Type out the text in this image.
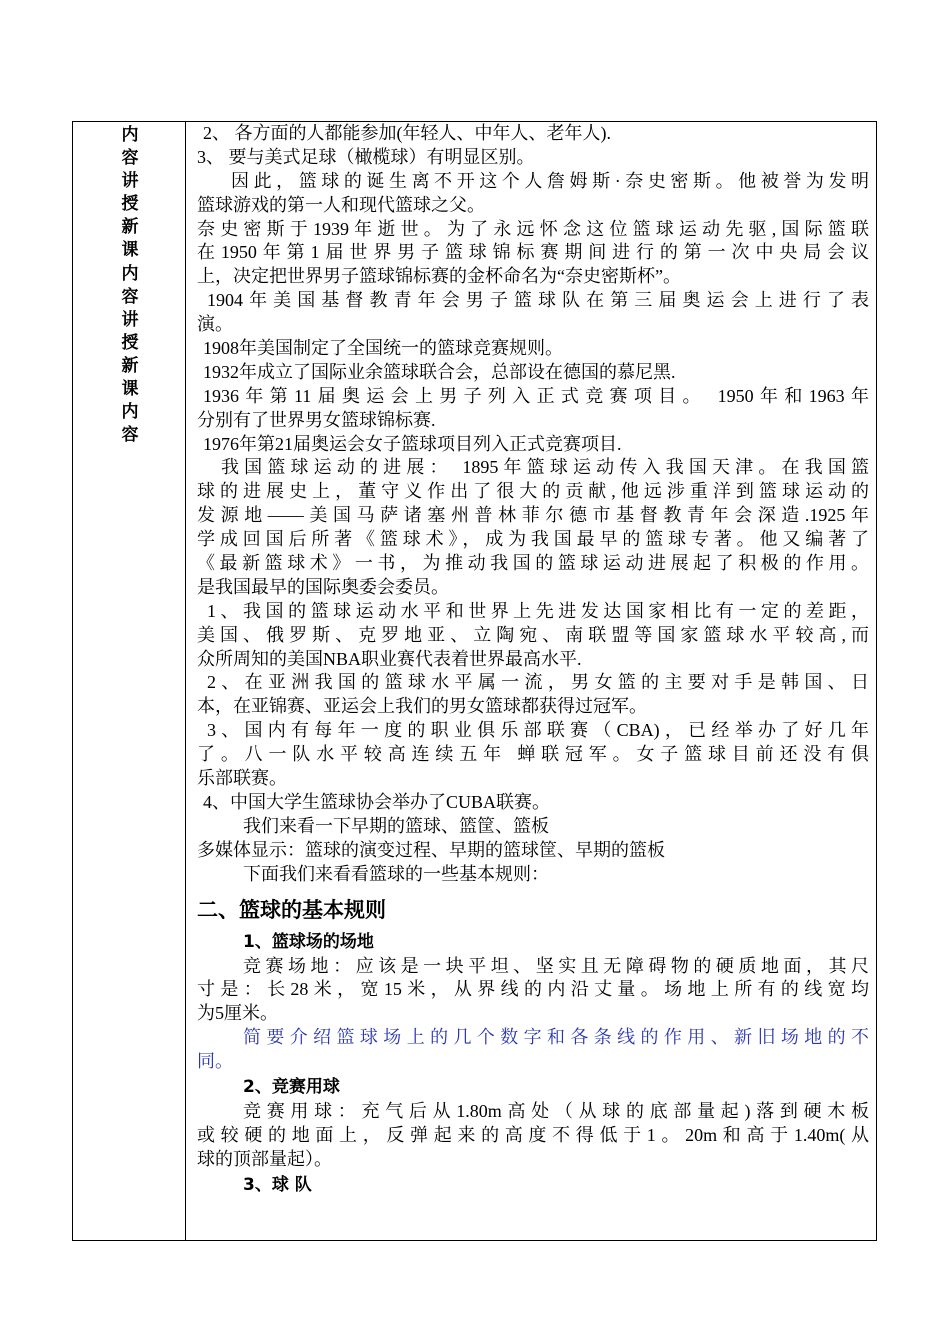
内
容
讲
授
新
课
内
容
讲
授
新
课
内
容
2、 各方面的人都能参加(年轻人、中年人、老年人).
3、 要与美式足球（橄榄球）有明显区别。
因此，篮球的诞生离不开这个人詹姆斯·奈史密斯。他被誉为发明
篮球游戏的第一人和现代篮球之父。
奈史密斯于1939年逝世。为了永远怀念这位篮球运动先驱,国际篮联
在1950年第1届世界男子篮球锦标赛期间进行的第一次中央局会议
上，决定把世界男子篮球锦标赛的金杯命名为“奈史密斯杯”。
1904年美国基督教青年会男子篮球队在第三届奥运会上进行了表
演。
1908年美国制定了全国统一的篮球竞赛规则。
1932年成立了国际业余篮球联合会，总部设在德国的慕尼黑.
1936年第11届奥运会上男子列入正式竞赛项目。 1950年和1963年
分别有了世界男女篮球锦标赛.
1976年第21届奥运会女子篮球项目列入正式竞赛项目.
我国篮球运动的进展： 1895年篮球运动传入我国天津。在我国篮
球的进展史上，董守义作出了很大的贡献,他远涉重洋到篮球运动的
发源地——美国马萨诸塞州普林菲尔德市基督教青年会深造.1925年
学成回国后所著《篮球术》，成为我国最早的篮球专著。他又编著了
《最新篮球术》一书，为推动我国的篮球运动进展起了积极的作用。
是我国最早的国际奥委会委员。
1、我国的篮球运动水平和世界上先进发达国家相比有一定的差距，
美国、俄罗斯、克罗地亚、立陶宛、南联盟等国家篮球水平较高,而
众所周知的美国NBA职业赛代表着世界最高水平.
2、在亚洲我国的篮球水平属一流，男女篮的主要对手是韩国、日
本，在亚锦赛、亚运会上我们的男女篮球都获得过冠军。
3、国内有每年一度的职业俱乐部联赛（CBA)，已经举办了好几年
了。八一队水平较高连续五年 蝉联冠军。女子篮球目前还没有俱
乐部联赛。
4、中国大学生篮球协会举办了CUBA联赛。
我们来看一下早期的篮球、篮筐、篮板
多媒体显示：篮球的演变过程、早期的篮球筐、早期的篮板
下面我们来看看篮球的一些基本规则：
二、篮球的基本规则
1、篮球场的场地
竞赛场地：应该是一块平坦、坚实且无障碍物的硬质地面，其尺
寸是：长28米，宽15米，从界线的内沿丈量。场地上所有的线宽均
为5厘米。
简要介绍篮球场上的几个数字和各条线的作用、新旧场地的不
同。
2、竞赛用球
竞赛用球：充气后从1.80m高处（从球的底部量起)落到硬木板
或较硬的地面上，反弹起来的高度不得低于1。20m和高于1.40m(从
球的顶部量起）。
3、球 队
